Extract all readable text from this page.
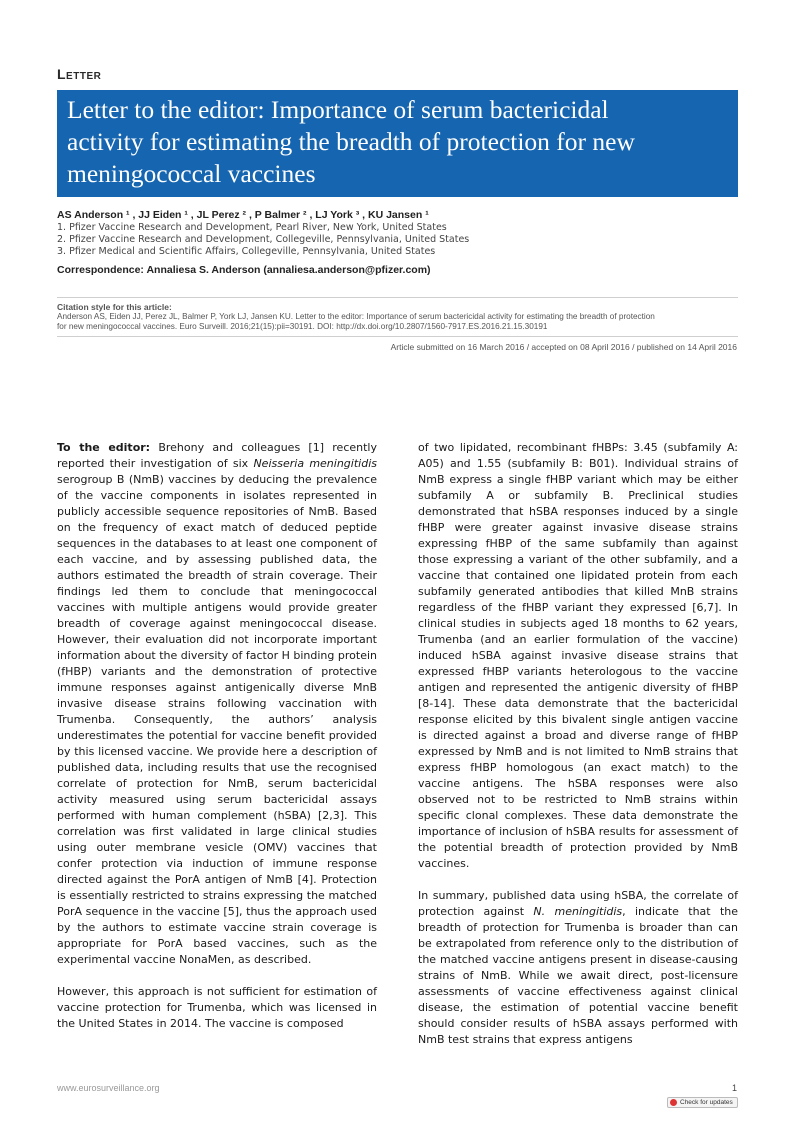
Letter
Letter to the editor: Importance of serum bactericidal
activity for estimating the breadth of protection for new
meningococcal vaccines
AS Anderson ¹ , JJ Eiden ¹ , JL Perez ² , P Balmer ² , LJ York ³ , KU Jansen ¹
1. Pfizer Vaccine Research and Development, Pearl River, New York, United States
2. Pfizer Vaccine Research and Development, Collegeville, Pennsylvania, United States
3. Pfizer Medical and Scientific Affairs, Collegeville, Pennsylvania, United States
Correspondence: Annaliesa S. Anderson (annaliesa.anderson@pfizer.com)
Citation style for this article:
Anderson AS, Eiden JJ, Perez JL, Balmer P, York LJ, Jansen KU. Letter to the editor: Importance of serum bactericidal activity for estimating the breadth of protection
for new meningococcal vaccines. Euro Surveill. 2016;21(15):pii=30191. DOI: http://dx.doi.org/10.2807/1560-7917.ES.2016.21.15.30191
Article submitted on 16 March 2016 / accepted on 08 April 2016 / published on 14 April 2016

To the editor: Brehony and colleagues [1] recently reported their investigation of six Neisseria meningitidis serogroup B (NmB) vaccines by deducing the prevalence of the vaccine components in isolates represented in publicly accessible sequence repositories of NmB. Based on the frequency of exact match of deduced peptide sequences in the databases to at least one component of each vaccine, and by assessing published data, the authors estimated the breadth of strain coverage. Their findings led them to conclude that meningococcal vaccines with multiple antigens would provide greater breadth of coverage against meningococcal disease. However, their evaluation did not incorporate important information about the diversity of factor H binding protein (fHBP) variants and the demonstration of protective immune responses against antigenically diverse MnB invasive disease strains following vaccination with Trumenba. Consequently, the authors’ analysis underestimates the potential for vaccine benefit provided by this licensed vaccine. We provide here a description of published data, including results that use the recognised correlate of protection for NmB, serum bactericidal activity measured using serum bactericidal assays performed with human complement (hSBA) [2,3]. This correlation was first validated in large clinical studies using outer membrane vesicle (OMV) vaccines that confer protection via induction of immune response directed against the PorA antigen of NmB [4]. Protection is essentially restricted to strains expressing the matched PorA sequence in the vaccine [5], thus the approach used by the authors to estimate vaccine strain coverage is appropriate for PorA based vaccines, such as the experimental vaccine NonaMen, as described.

However, this approach is not sufficient for estimation of vaccine protection for Trumenba, which was licensed in the United States in 2014. The vaccine is composed

of two lipidated, recombinant fHBPs: 3.45 (subfamily A: A05) and 1.55 (subfamily B: B01). Individual strains of NmB express a single fHBP variant which may be either subfamily A or subfamily B. Preclinical studies demonstrated that hSBA responses induced by a single fHBP were greater against invasive disease strains expressing fHBP of the same subfamily than against those expressing a variant of the other subfamily, and a vaccine that contained one lipidated protein from each subfamily generated antibodies that killed MnB strains regardless of the fHBP variant they expressed [6,7]. In clinical studies in subjects aged 18 months to 62 years, Trumenba (and an earlier formulation of the vaccine) induced hSBA against invasive disease strains that expressed fHBP variants heterologous to the vaccine antigen and represented the antigenic diversity of fHBP [8-14]. These data demonstrate that the bactericidal response elicited by this bivalent single antigen vaccine is directed against a broad and diverse range of fHBP expressed by NmB and is not limited to NmB strains that express fHBP homologous (an exact match) to the vaccine antigens. The hSBA responses were also observed not to be restricted to NmB strains within specific clonal complexes. These data demonstrate the importance of inclusion of hSBA results for assessment of the potential breadth of protection provided by NmB vaccines.

In summary, published data using hSBA, the correlate of protection against N. meningitidis, indicate that the breadth of protection for Trumenba is broader than can be extrapolated from reference only to the distribution of the matched vaccine antigens present in disease-causing strains of NmB. While we await direct, post-licensure assessments of vaccine effectiveness against clinical disease, the estimation of potential vaccine benefit should consider results of hSBA assays performed with NmB test strains that express antigens

www.eurosurveillance.org	1
Check for updates
